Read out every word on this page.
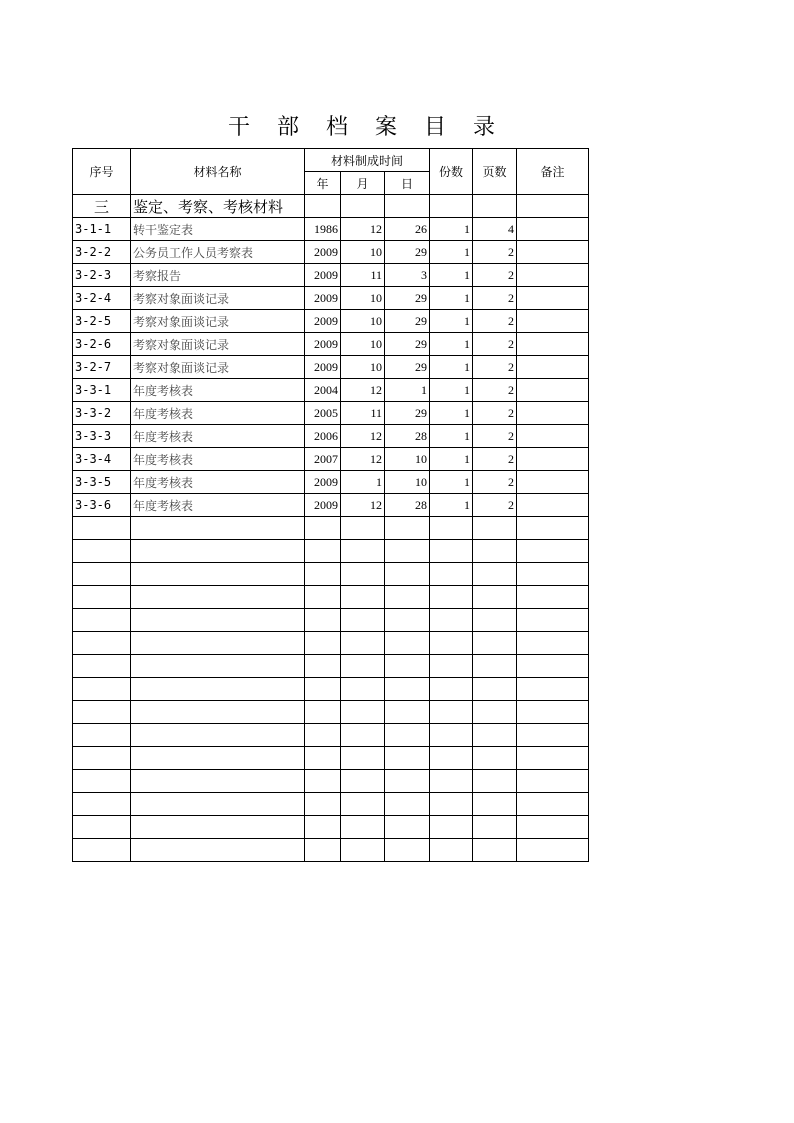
干 部 档 案 目 录
序号	材料名称	材料制成时间			份数	页数	备注
		年	月	日			
三	鉴定、考察、考核材料						
3-1-1	转干鉴定表	1986	12	26	1	4	
3-2-2	公务员工作人员考察表	2009	10	29	1	2	
3-2-3	考察报告	2009	11	3	1	2	
3-2-4	考察对象面谈记录	2009	10	29	1	2	
3-2-5	考察对象面谈记录	2009	10	29	1	2	
3-2-6	考察对象面谈记录	2009	10	29	1	2	
3-2-7	考察对象面谈记录	2009	10	29	1	2	
3-3-1	年度考核表	2004	12	1	1	2	
3-3-2	年度考核表	2005	11	29	1	2	
3-3-3	年度考核表	2006	12	28	1	2	
3-3-4	年度考核表	2007	12	10	1	2	
3-3-5	年度考核表	2009	1	10	1	2	
3-3-6	年度考核表	2009	12	28	1	2	
